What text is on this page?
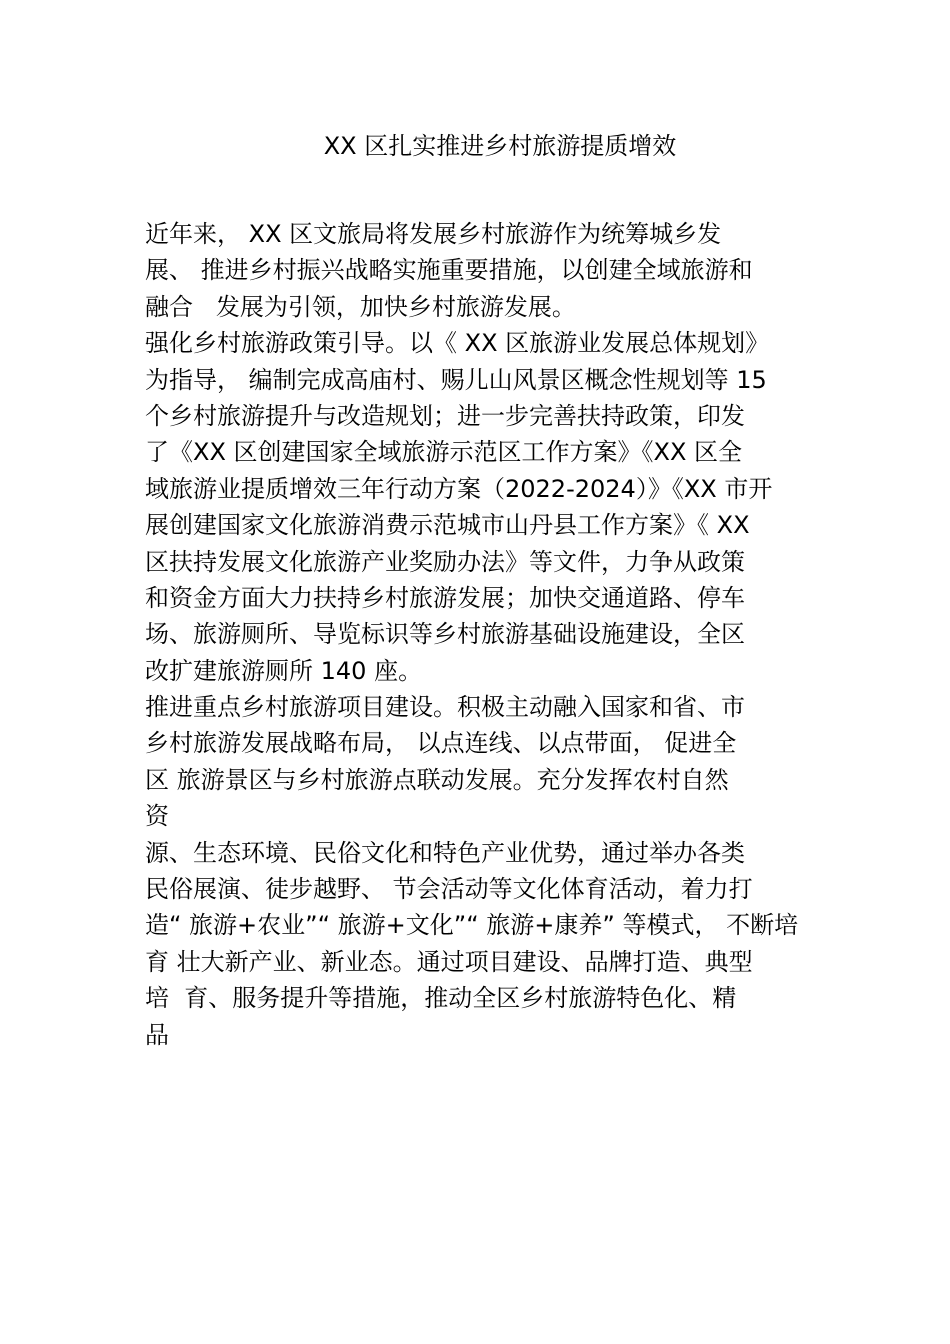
XX 区扎实推进乡村旅游提质增效
近年来， XX 区文旅局将发展乡村旅游作为统筹城乡发
展、 推进乡村振兴战略实施重要措施，以创建全域旅游和
融合   发展为引领，加快乡村旅游发展。
强化乡村旅游政策引导。以《 XX 区旅游业发展总体规划》
为指导， 编制完成高庙村、赐儿山风景区概念性规划等 15
个乡村旅游提升与改造规划；进一步完善扶持政策，印发
了《XX 区创建国家全域旅游示范区工作方案》《XX 区全
域旅游业提质增效三年行动方案（2022-2024）》《XX 市开
展创建国家文化旅游消费示范城市山丹县工作方案》《 XX
区扶持发展文化旅游产业奖励办法》等文件，力争从政策
和资金方面大力扶持乡村旅游发展；加快交通道路、停车
场、旅游厕所、导览标识等乡村旅游基础设施建设，全区
改扩建旅游厕所 140 座。
推进重点乡村旅游项目建设。积极主动融入国家和省、市
乡村旅游发展战略布局， 以点连线、以点带面， 促进全
区 旅游景区与乡村旅游点联动发展。充分发挥农村自然
资
源、生态环境、民俗文化和特色产业优势，通过举办各类
民俗展演、徒步越野、 节会活动等文化体育活动，着力打
造“ 旅游+农业”“ 旅游+文化”“ 旅游+康养” 等模式， 不断培
育 壮大新产业、新业态。通过项目建设、品牌打造、典型
培  育、服务提升等措施，推动全区乡村旅游特色化、精
品
